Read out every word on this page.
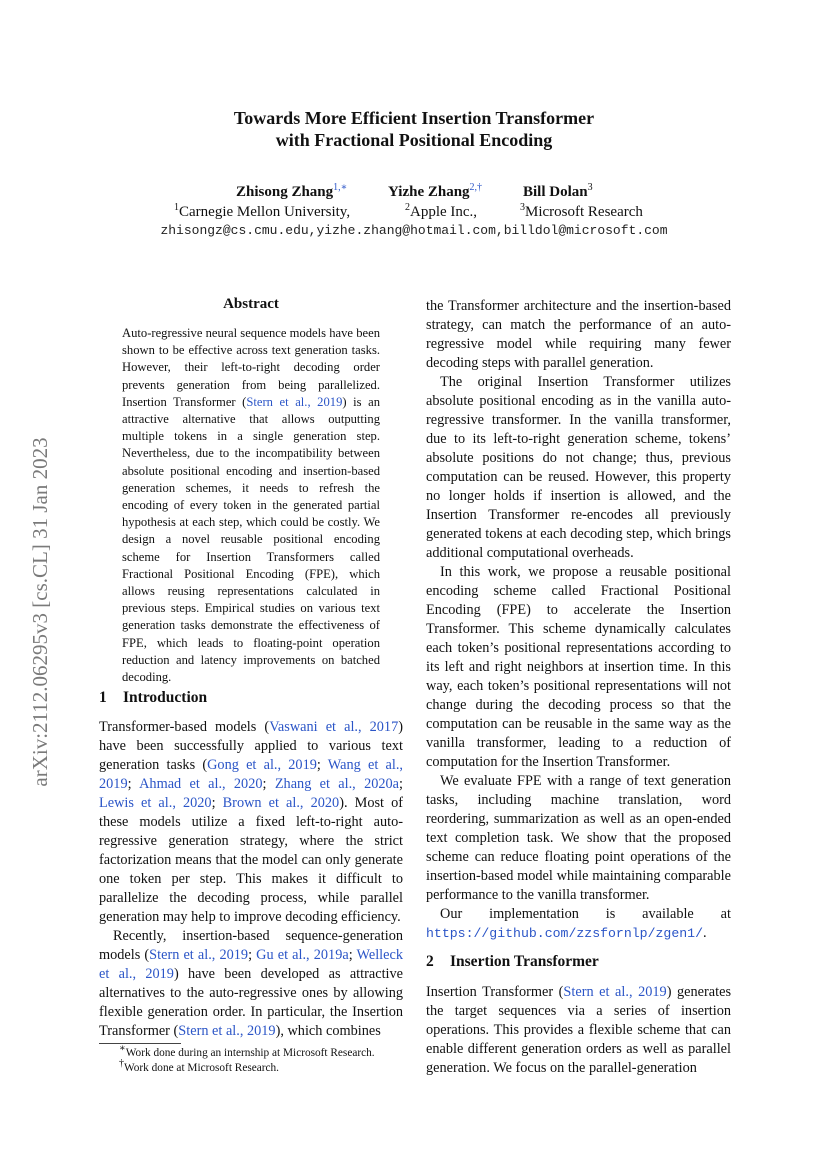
arXiv:2112.06295v3 [cs.CL] 31 Jan 2023
Towards More Efficient Insertion Transformer
with Fractional Positional Encoding
Zhisong Zhang$^{1,∗}$	Yizhe Zhang$^{2,\dagger}$	Bill Dolan$^3$
$^1$Carnegie Mellon University,	$^2$Apple Inc.,	$^3$Microsoft Research
zhisongz@cs.cmu.edu,yizhe.zhang@hotmail.com,billdol@microsoft.com
Abstract
Auto-regressive neural sequence models have been shown to be effective across text generation tasks. However, their left-to-right decoding order prevents generation from being parallelized. Insertion Transformer (Stern et al., 2019) is an attractive alternative that allows outputting multiple tokens in a single generation step. Nevertheless, due to the incompatibility between absolute positional encoding and insertion-based generation schemes, it needs to refresh the encoding of every token in the generated partial hypothesis at each step, which could be costly. We design a novel reusable positional encoding scheme for Insertion Transformers called Fractional Positional Encoding (FPE), which allows reusing representations calculated in previous steps. Empirical studies on various text generation tasks demonstrate the effectiveness of FPE, which leads to floating-point operation reduction and latency improvements on batched decoding.
1 Introduction

Transformer-based models (Vaswani et al., 2017) have been successfully applied to various text generation tasks (Gong et al., 2019; Wang et al., 2019; Ahmad et al., 2020; Zhang et al., 2020a; Lewis et al., 2020; Brown et al., 2020). Most of these models utilize a fixed left-to-right auto-regressive generation strategy, where the strict factorization means that the model can only generate one token per step. This makes it difficult to parallelize the decoding process, while parallel generation may help to improve decoding efficiency.

Recently, insertion-based sequence-generation models (Stern et al., 2019; Gu et al., 2019a; Welleck et al., 2019) have been developed as attractive alternatives to the auto-regressive ones by allowing flexible generation order. In particular, the Insertion Transformer (Stern et al., 2019), which combines

∗Work done during an internship at Microsoft Research.
†Work done at Microsoft Research.

the Transformer architecture and the insertion-based strategy, can match the performance of an auto-regressive model while requiring many fewer decoding steps with parallel generation.

The original Insertion Transformer utilizes absolute positional encoding as in the vanilla auto-regressive transformer. In the vanilla transformer, due to its left-to-right generation scheme, tokens’ absolute positions do not change; thus, previous computation can be reused. However, this property no longer holds if insertion is allowed, and the Insertion Transformer re-encodes all previously generated tokens at each decoding step, which brings additional computational overheads.

In this work, we propose a reusable positional encoding scheme called Fractional Positional Encoding (FPE) to accelerate the Insertion Transformer. This scheme dynamically calculates each token’s positional representations according to its left and right neighbors at insertion time. In this way, each token’s positional representations will not change during the decoding process so that the computation can be reusable in the same way as the vanilla transformer, leading to a reduction of computation for the Insertion Transformer.

We evaluate FPE with a range of text generation tasks, including machine translation, word reordering, summarization as well as an open-ended text completion task. We show that the proposed scheme can reduce floating point operations of the insertion-based model while maintaining comparable performance to the vanilla transformer.

Our implementation is available at https://github.com/zzsfornlp/zgen1/.

2 Insertion Transformer

Insertion Transformer (Stern et al., 2019) generates the target sequences via a series of insertion operations. This provides a flexible scheme that can enable different generation orders as well as parallel generation. We focus on the parallel-generation
